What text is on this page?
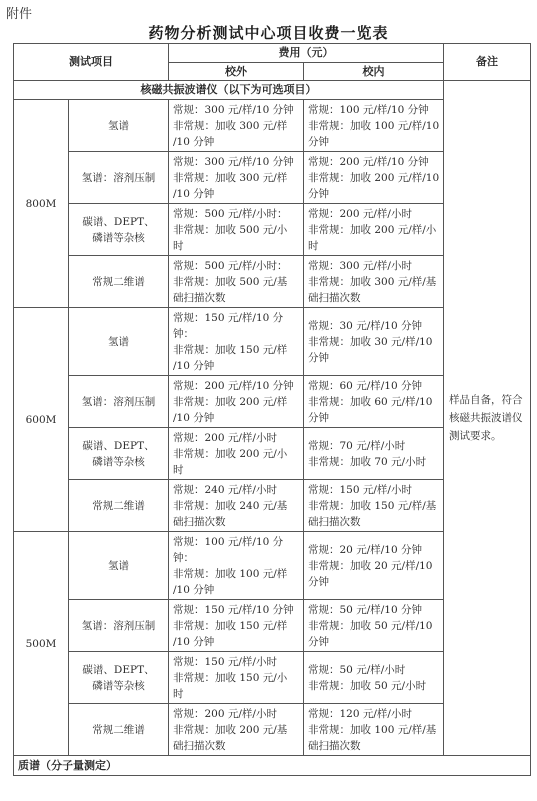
附件
药物分析测试中心项目收费一览表
测试项目		费用（元）		备注
		校外	校内	
核磁共振波谱仪（以下为可选项目）				样品自备，符合核磁共振波谱仪测试要求。
800M	氢谱	常规：300 元/样/10 分钟
非常规：加收 300 元/样
/10 分钟	常规：100 元/样/10 分钟
非常规：加收 100 元/样/10
分钟	
	氢谱：溶剂压制	常规：300 元/样/10 分钟
非常规：加收 300 元/样
/10 分钟	常规：200 元/样/10 分钟
非常规：加收 200 元/样/10
分钟	
	碳谱、DEPT、
磷谱等杂核	常规：500 元/样/小时：
非常规：加收 500 元/小
时	常规：200 元/样/小时
非常规：加收 200 元/样/小时	
	常规二维谱	常规：500 元/样/小时：
非常规：加收 500 元/基
础扫描次数	常规：300 元/样/小时
非常规：加收 300 元/样/基
础扫描次数	
600M	氢谱	常规：150 元/样/10 分
钟：
非常规：加收 150 元/样
/10 分钟	常规：30 元/样/10 分钟
非常规：加收 30 元/样/10
分钟	
	氢谱：溶剂压制	常规：200 元/样/10 分钟
非常规：加收 200 元/样
/10 分钟	常规：60 元/样/10 分钟
非常规：加收 60 元/样/10
分钟	
	碳谱、DEPT、
磷谱等杂核	常规：200 元/样/小时
非常规：加收 200 元/小
时	常规：70 元/样/小时
非常规：加收 70 元/小时	
	常规二维谱	常规：240 元/样/小时
非常规：加收 240 元/基
础扫描次数	常规：150 元/样/小时
非常规：加收 150 元/样/基
础扫描次数	
500M	氢谱	常规：100 元/样/10 分
钟：
非常规：加收 100 元/样
/10 分钟	常规：20 元/样/10 分钟
非常规：加收 20 元/样/10
分钟	
	氢谱：溶剂压制	常规：150 元/样/10 分钟
非常规：加收 150 元/样
/10 分钟	常规：50 元/样/10 分钟
非常规：加收 50 元/样/10
分钟	
	碳谱、DEPT、
磷谱等杂核	常规：150 元/样/小时
非常规：加收 150 元/小
时	常规：50 元/样/小时
非常规：加收 50 元/小时	
	常规二维谱	常规：200 元/样/小时
非常规：加收 200 元/基
础扫描次数	常规：120 元/样/小时
非常规：加收 100 元/样/基
础扫描次数	
质谱（分子量测定）				
